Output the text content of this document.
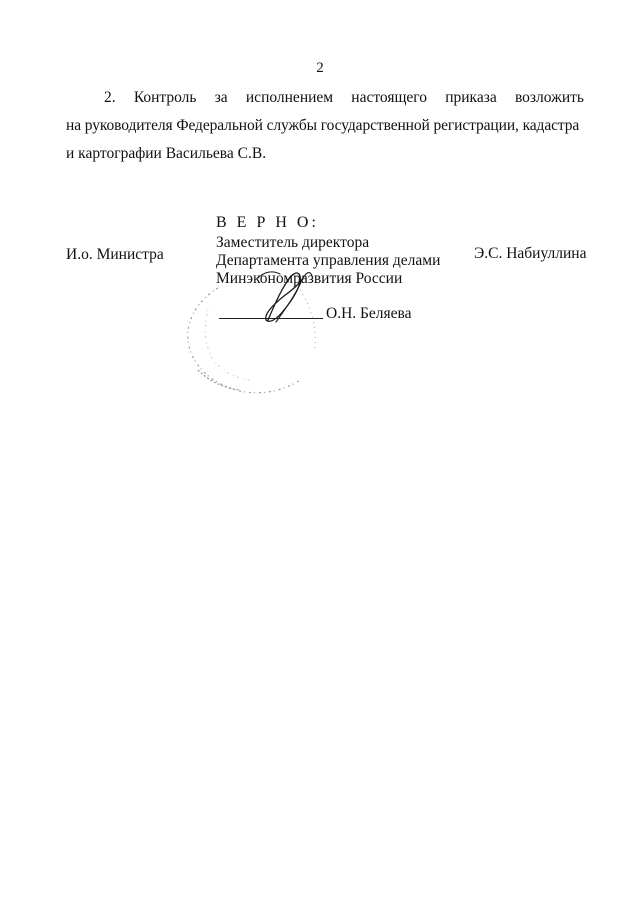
2
2. Контроль за исполнением настоящего приказа возложить
на руководителя Федеральной службы государственной регистрации, кадастра
и картографии Васильева С.В.
И.о. Министра	Э.С. Набиуллина
В Е Р Н О:
Заместитель директора
Департамента управления делами
Минэкономразвития России
О.Н. Беляева
